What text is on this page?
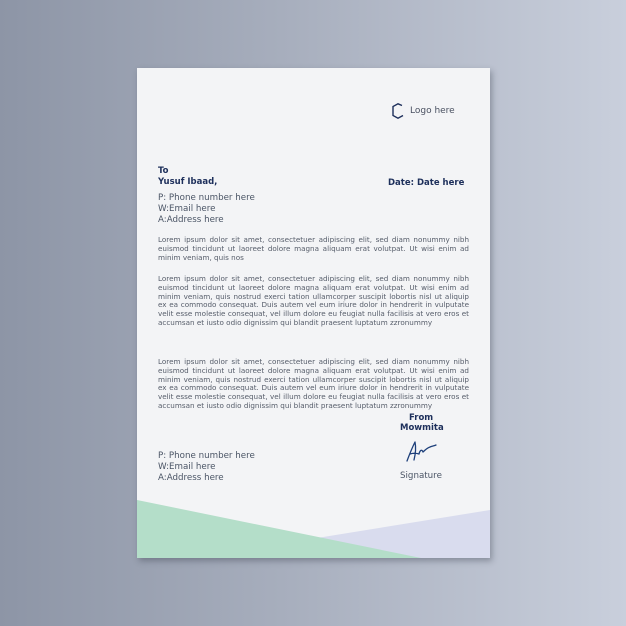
Logo here
To
Yusuf Ibaad,	Date: Date here
P: Phone number here
W:Email here
A:Address here

Lorem ipsum dolor sit amet, consectetuer adipiscing elit, sed diam nonummy nibh euismod tincidunt ut laoreet dolore magna aliquam erat volutpat. Ut wisi enim ad minim veniam, quis nos

Lorem ipsum dolor sit amet, consectetuer adipiscing elit, sed diam nonummy nibh euismod tincidunt ut laoreet dolore magna aliquam erat volutpat. Ut wisi enim ad minim veniam, quis nostrud exerci tation ullamcorper suscipit lobortis nisl ut aliquip ex ea commodo consequat. Duis autem vel eum iriure dolor in hendrerit in vulputate velit esse molestie consequat, vel illum dolore eu feugiat nulla facilisis at vero eros et accumsan et iusto odio dignissim qui blandit praesent luptatum zzronummy

Lorem ipsum dolor sit amet, consectetuer adipiscing elit, sed diam nonummy nibh euismod tincidunt ut laoreet dolore magna aliquam erat volutpat. Ut wisi enim ad minim veniam, quis nostrud exerci tation ullamcorper suscipit lobortis nisl ut aliquip ex ea commodo consequat. Duis autem vel eum iriure dolor in hendrerit in vulputate velit esse molestie consequat, vel illum dolore eu feugiat nulla facilisis at vero eros et accumsan et iusto odio dignissim qui blandit praesent luptatum zzronummy

From
Mowmita
Signature
P: Phone number here
W:Email here
A:Address here
